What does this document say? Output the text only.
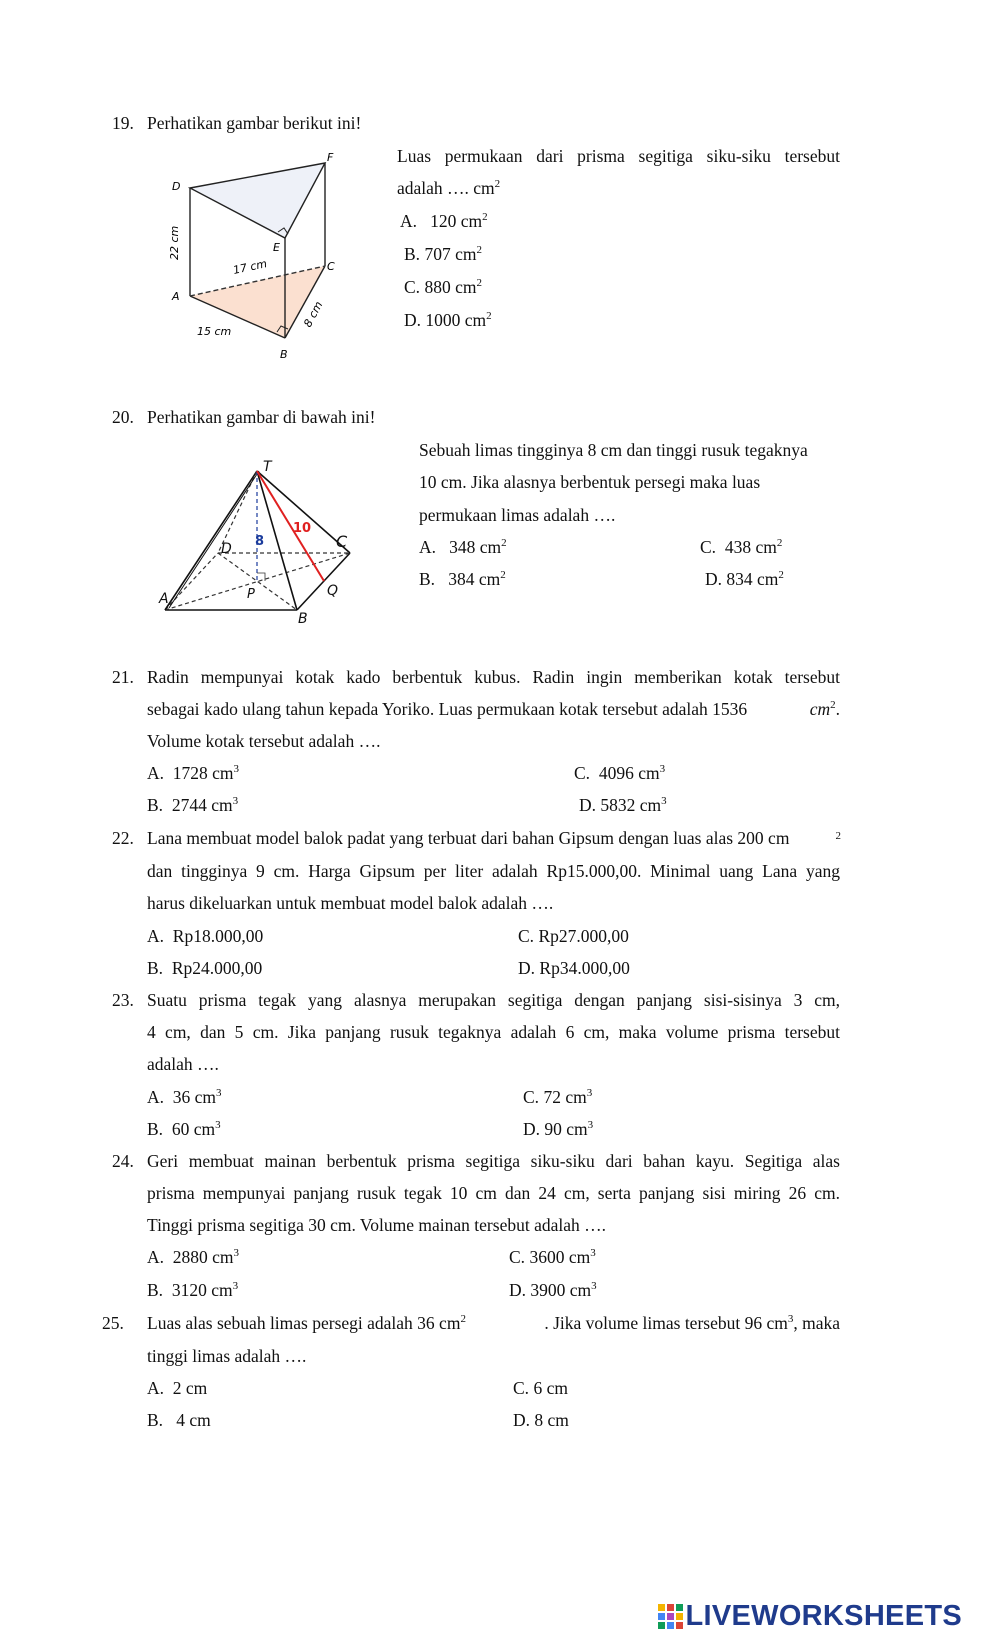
19. Perhatikan gambar berikut ini!
D
F
E
C
A
B
22 cm
17 cm
15 cm
8 cm
Luas permukaan dari prisma segitiga siku-siku tersebut
adalah …. $cm^2$
A. 120 $cm^2$
B. 707 $cm^2$
C. 880 $cm^2$
D. 1000 $cm^2$
20. Perhatikan gambar di bawah ini!
T
D	C
A
B
P	Q
8
10
Sebuah limas tingginya 8 cm dan tinggi rusuk tegaknya
10 cm. Jika alasnya berbentuk persegi maka luas
permukaan limas adalah ….
A. 348 $cm^2$	C. 438 $cm^2$
B. 384 $cm^2$	D. 834 $cm^2$
21. Radin mempunyai kotak kado berbentuk kubus. Radin ingin memberikan kotak tersebut
sebagai kado ulang tahun kepada Yoriko. Luas permukaan kotak tersebut adalah 1536	$cm^2$.
Volume kotak tersebut adalah ….
A. 1728 $cm^3$	C. 4096 $cm^3$
B. 2744 $cm^3$	D. 5832 $cm^3$
22. Lana membuat model balok padat yang terbuat dari bahan Gipsum dengan luas alas 200 cm	2
dan tingginya 9 cm. Harga Gipsum per liter adalah Rp15.000,00. Minimal uang Lana yang
harus dikeluarkan untuk membuat model balok adalah ….
A. Rp18.000,00	C. Rp27.000,00
B. Rp24.000,00	D. Rp34.000,00
23. Suatu prisma tegak yang alasnya merupakan segitiga dengan panjang sisi-sisinya 3 cm,
4 cm, dan 5 cm. Jika panjang rusuk tegaknya adalah 6 cm, maka volume prisma tersebut
adalah ….
A. 36 $cm^3$	C. 72 $cm^3$
B. 60 $cm^3$	D. 90 $cm^3$
24. Geri membuat mainan berbentuk prisma segitiga siku-siku dari bahan kayu. Segitiga alas
prisma mempunyai panjang rusuk tegak 10 cm dan 24 cm, serta panjang sisi miring 26 cm.
Tinggi prisma segitiga 30 cm. Volume mainan tersebut adalah ….
A. 2880 $cm^3$	C. 3600 $cm^3$
B. 3120 $cm^3$	D. 3900 $cm^3$
25. Luas alas sebuah limas persegi adalah 36 $cm^2$	. Jika volume limas tersebut 96 $cm^3$, maka
tinggi limas adalah ….
A. 2 cm	C. 6 cm
B.   4 cm	D. 8 cm
LIVEWORKSHEETS
